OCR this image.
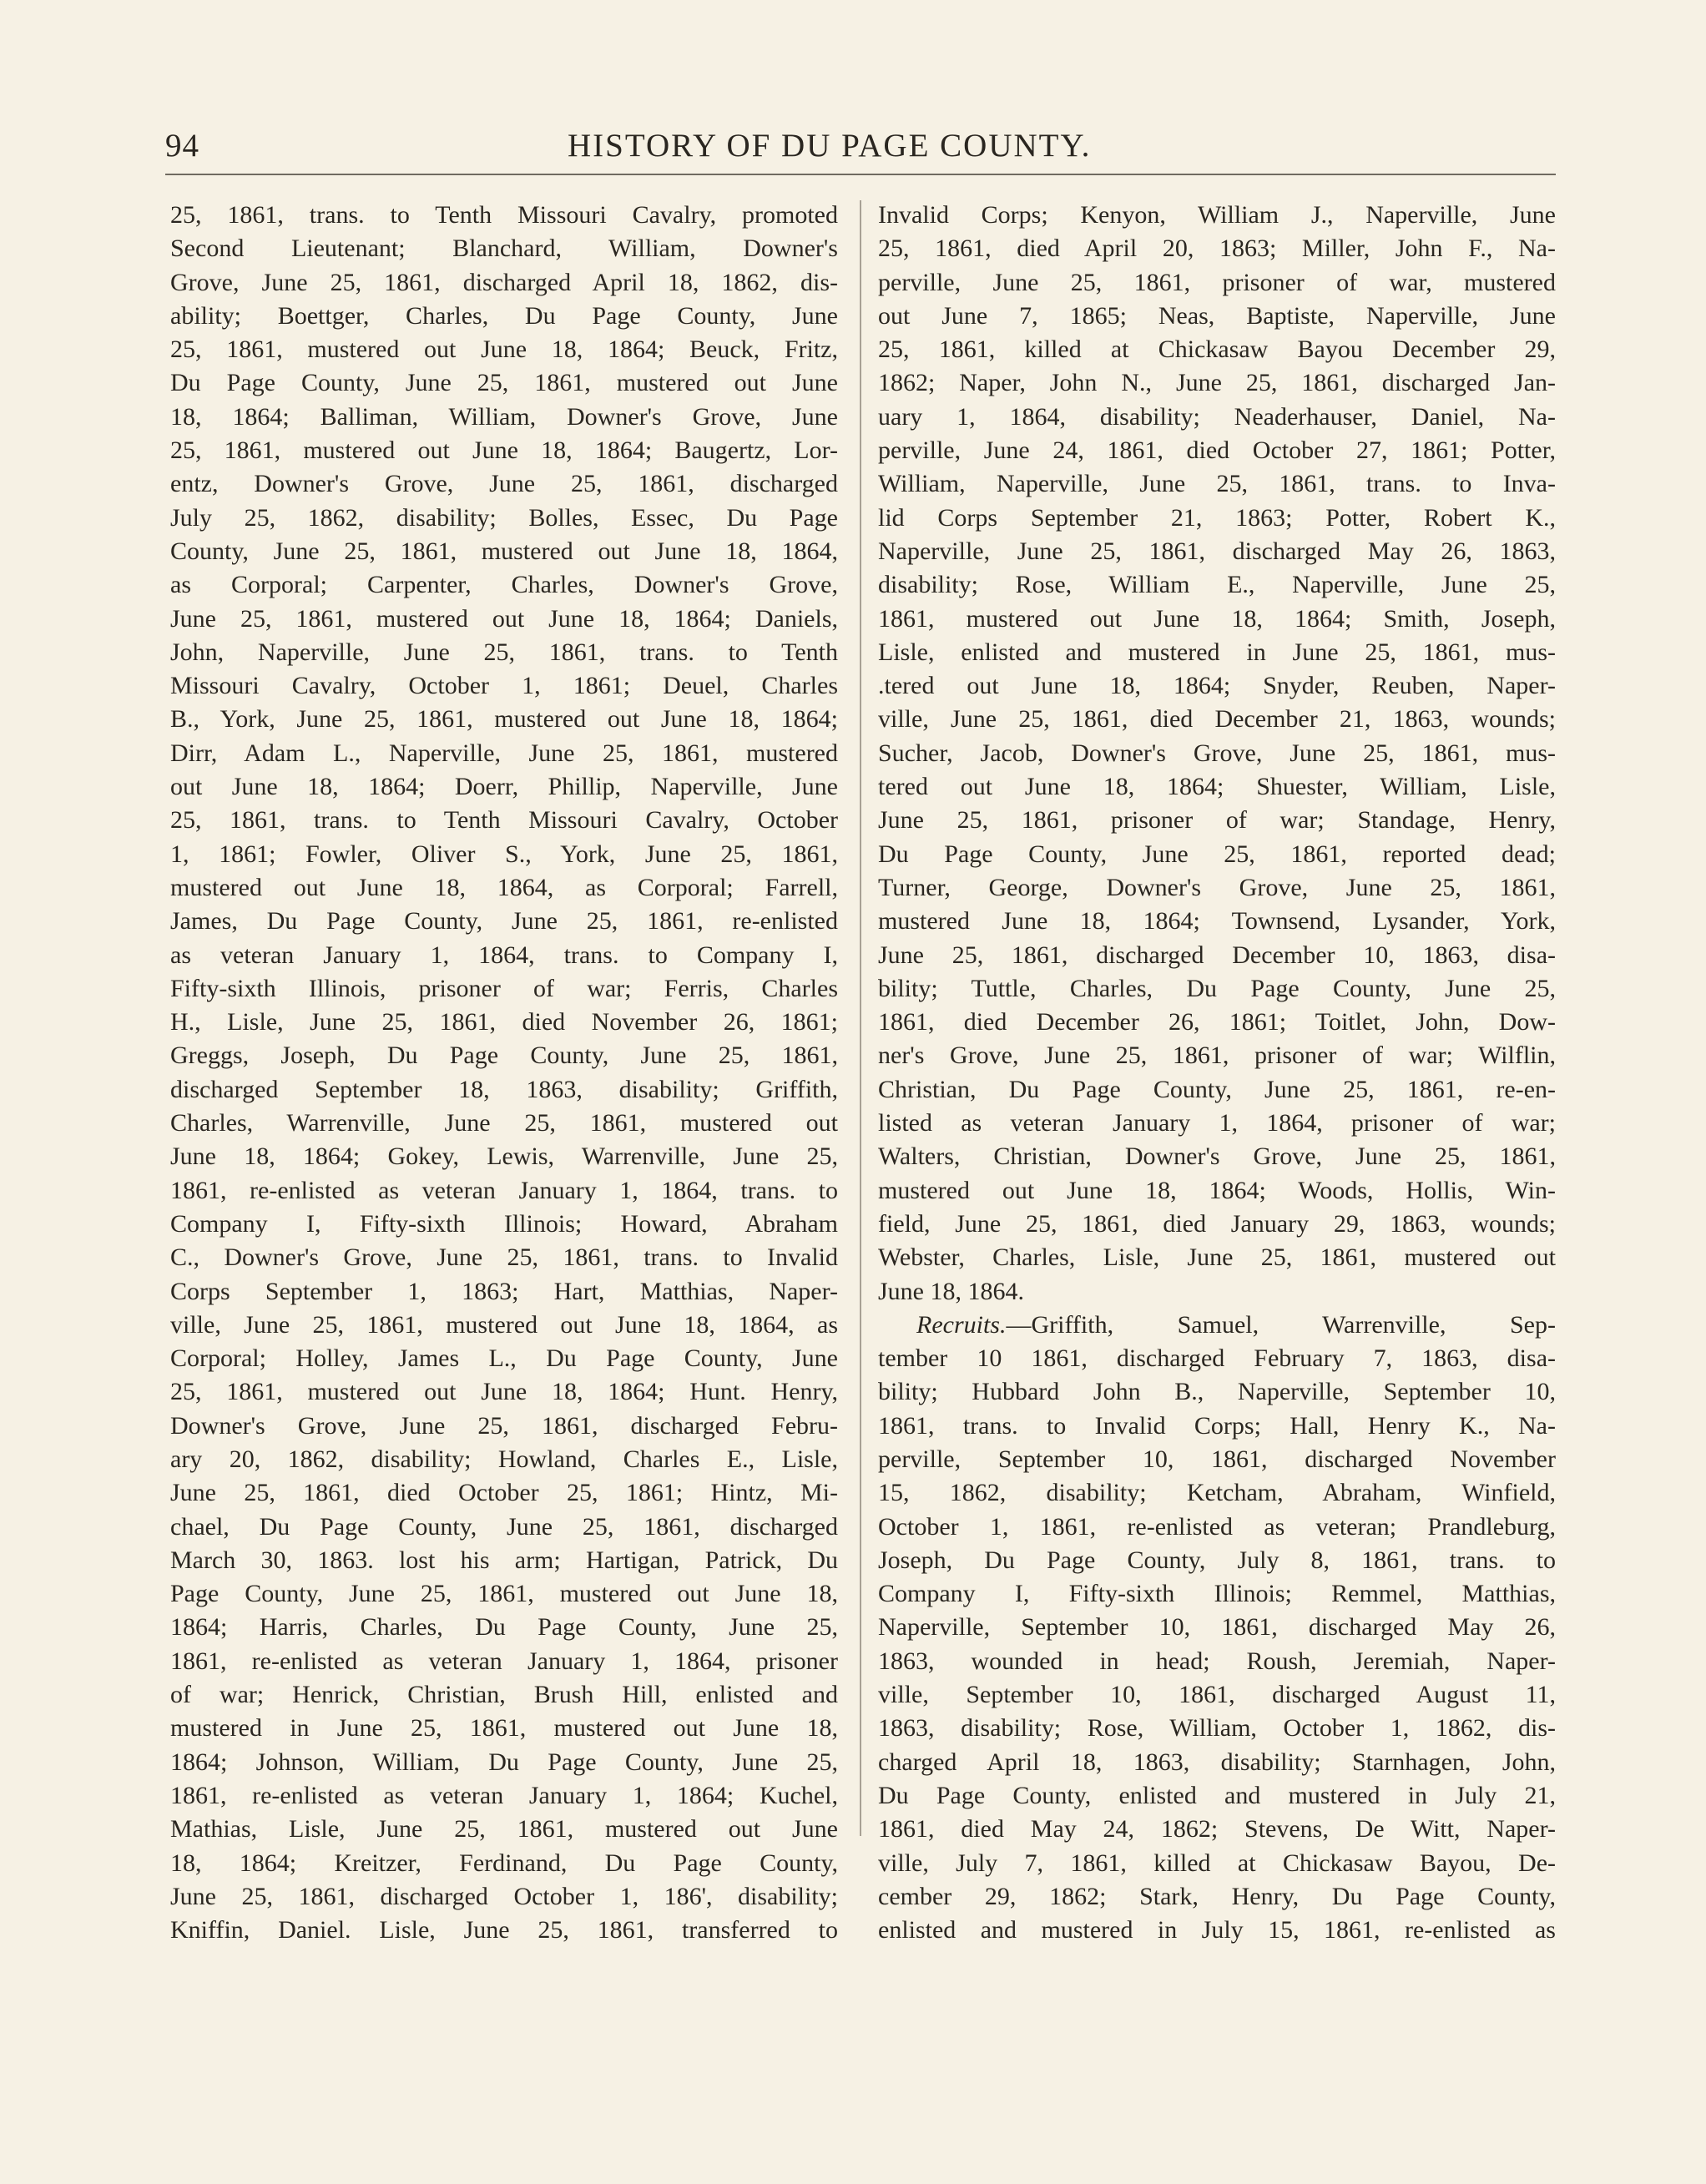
94	HISTORY OF DU PAGE COUNTY.
25, 1861, trans. to Tenth Missouri Cavalry, promoted
Second Lieutenant; Blanchard, William, Downer's
Grove, June 25, 1861, discharged April 18, 1862, dis-
ability; Boettger, Charles, Du Page County, June
25, 1861, mustered out June 18, 1864; Beuck, Fritz,
Du Page County, June 25, 1861, mustered out June
18, 1864; Balliman, William, Downer's Grove, June
25, 1861, mustered out June 18, 1864; Baugertz, Lor-
entz, Downer's Grove, June 25, 1861, discharged
July 25, 1862, disability; Bolles, Essec, Du Page
County, June 25, 1861, mustered out June 18, 1864,
as Corporal; Carpenter, Charles, Downer's Grove,
June 25, 1861, mustered out June 18, 1864; Daniels,
John, Naperville, June 25, 1861, trans. to Tenth
Missouri Cavalry, October 1, 1861; Deuel, Charles
B., York, June 25, 1861, mustered out June 18, 1864;
Dirr, Adam L., Naperville, June 25, 1861, mustered
out June 18, 1864; Doerr, Phillip, Naperville, June
25, 1861, trans. to Tenth Missouri Cavalry, October
1, 1861; Fowler, Oliver S., York, June 25, 1861,
mustered out June 18, 1864, as Corporal; Farrell,
James, Du Page County, June 25, 1861, re-enlisted
as veteran January 1, 1864, trans. to Company I,
Fifty-sixth Illinois, prisoner of war; Ferris, Charles
H., Lisle, June 25, 1861, died November 26, 1861;
Greggs, Joseph, Du Page County, June 25, 1861,
discharged September 18, 1863, disability; Griffith,
Charles, Warrenville, June 25, 1861, mustered out
June 18, 1864; Gokey, Lewis, Warrenville, June 25,
1861, re-enlisted as veteran January 1, 1864, trans. to
Company I, Fifty-sixth Illinois; Howard, Abraham
C., Downer's Grove, June 25, 1861, trans. to Invalid
Corps September 1, 1863; Hart, Matthias, Naper-
ville, June 25, 1861, mustered out June 18, 1864, as
Corporal; Holley, James L., Du Page County, June
25, 1861, mustered out June 18, 1864; Hunt. Henry,
Downer's Grove, June 25, 1861, discharged Febru-
ary 20, 1862, disability; Howland, Charles E., Lisle,
June 25, 1861, died October 25, 1861; Hintz, Mi-
chael, Du Page County, June 25, 1861, discharged
March 30, 1863. lost his arm; Hartigan, Patrick, Du
Page County, June 25, 1861, mustered out June 18,
1864; Harris, Charles, Du Page County, June 25,
1861, re-enlisted as veteran January 1, 1864, prisoner
of war; Henrick, Christian, Brush Hill, enlisted and
mustered in June 25, 1861, mustered out June 18,
1864; Johnson, William, Du Page County, June 25,
1861, re-enlisted as veteran January 1, 1864; Kuchel,
Mathias, Lisle, June 25, 1861, mustered out June
18, 1864; Kreitzer, Ferdinand, Du Page County,
June 25, 1861, discharged October 1, 186', disability;
Kniffin, Daniel. Lisle, June 25, 1861, transferred to
Invalid Corps; Kenyon, William J., Naperville, June
25, 1861, died April 20, 1863; Miller, John F., Na-
perville, June 25, 1861, prisoner of war, mustered
out June 7, 1865; Neas, Baptiste, Naperville, June
25, 1861, killed at Chickasaw Bayou December 29,
1862; Naper, John N., June 25, 1861, discharged Jan-
uary 1, 1864, disability; Neaderhauser, Daniel, Na-
perville, June 24, 1861, died October 27, 1861; Potter,
William, Naperville, June 25, 1861, trans. to Inva-
lid Corps September 21, 1863; Potter, Robert K.,
Naperville, June 25, 1861, discharged May 26, 1863,
disability; Rose, William E., Naperville, June 25,
1861, mustered out June 18, 1864; Smith, Joseph,
Lisle, enlisted and mustered in June 25, 1861, mus-
.tered out June 18, 1864; Snyder, Reuben, Naper-
ville, June 25, 1861, died December 21, 1863, wounds;
Sucher, Jacob, Downer's Grove, June 25, 1861, mus-
tered out June 18, 1864; Shuester, William, Lisle,
June 25, 1861, prisoner of war; Standage, Henry,
Du Page County, June 25, 1861, reported dead;
Turner, George, Downer's Grove, June 25, 1861,
mustered June 18, 1864; Townsend, Lysander, York,
June 25, 1861, discharged December 10, 1863, disa-
bility; Tuttle, Charles, Du Page County, June 25,
1861, died December 26, 1861; Toitlet, John, Dow-
ner's Grove, June 25, 1861, prisoner of war; Wilflin,
Christian, Du Page County, June 25, 1861, re-en-
listed as veteran January 1, 1864, prisoner of war;
Walters, Christian, Downer's Grove, June 25, 1861,
mustered out June 18, 1864; Woods, Hollis, Win-
field, June 25, 1861, died January 29, 1863, wounds;
Webster, Charles, Lisle, June 25, 1861, mustered out
June 18, 1864.
Recruits.—Griffith, Samuel, Warrenville, Sep-
tember 10 1861, discharged February 7, 1863, disa-
bility; Hubbard John B., Naperville, September 10,
1861, trans. to Invalid Corps; Hall, Henry K., Na-
perville, September 10, 1861, discharged November
15, 1862, disability; Ketcham, Abraham, Winfield,
October 1, 1861, re-enlisted as veteran; Prandleburg,
Joseph, Du Page County, July 8, 1861, trans. to
Company I, Fifty-sixth Illinois; Remmel, Matthias,
Naperville, September 10, 1861, discharged May 26,
1863, wounded in head; Roush, Jeremiah, Naper-
ville, September 10, 1861, discharged August 11,
1863, disability; Rose, William, October 1, 1862, dis-
charged April 18, 1863, disability; Starnhagen, John,
Du Page County, enlisted and mustered in July 21,
1861, died May 24, 1862; Stevens, De Witt, Naper-
ville, July 7, 1861, killed at Chickasaw Bayou, De-
cember 29, 1862; Stark, Henry, Du Page County,
enlisted and mustered in July 15, 1861, re-enlisted as
